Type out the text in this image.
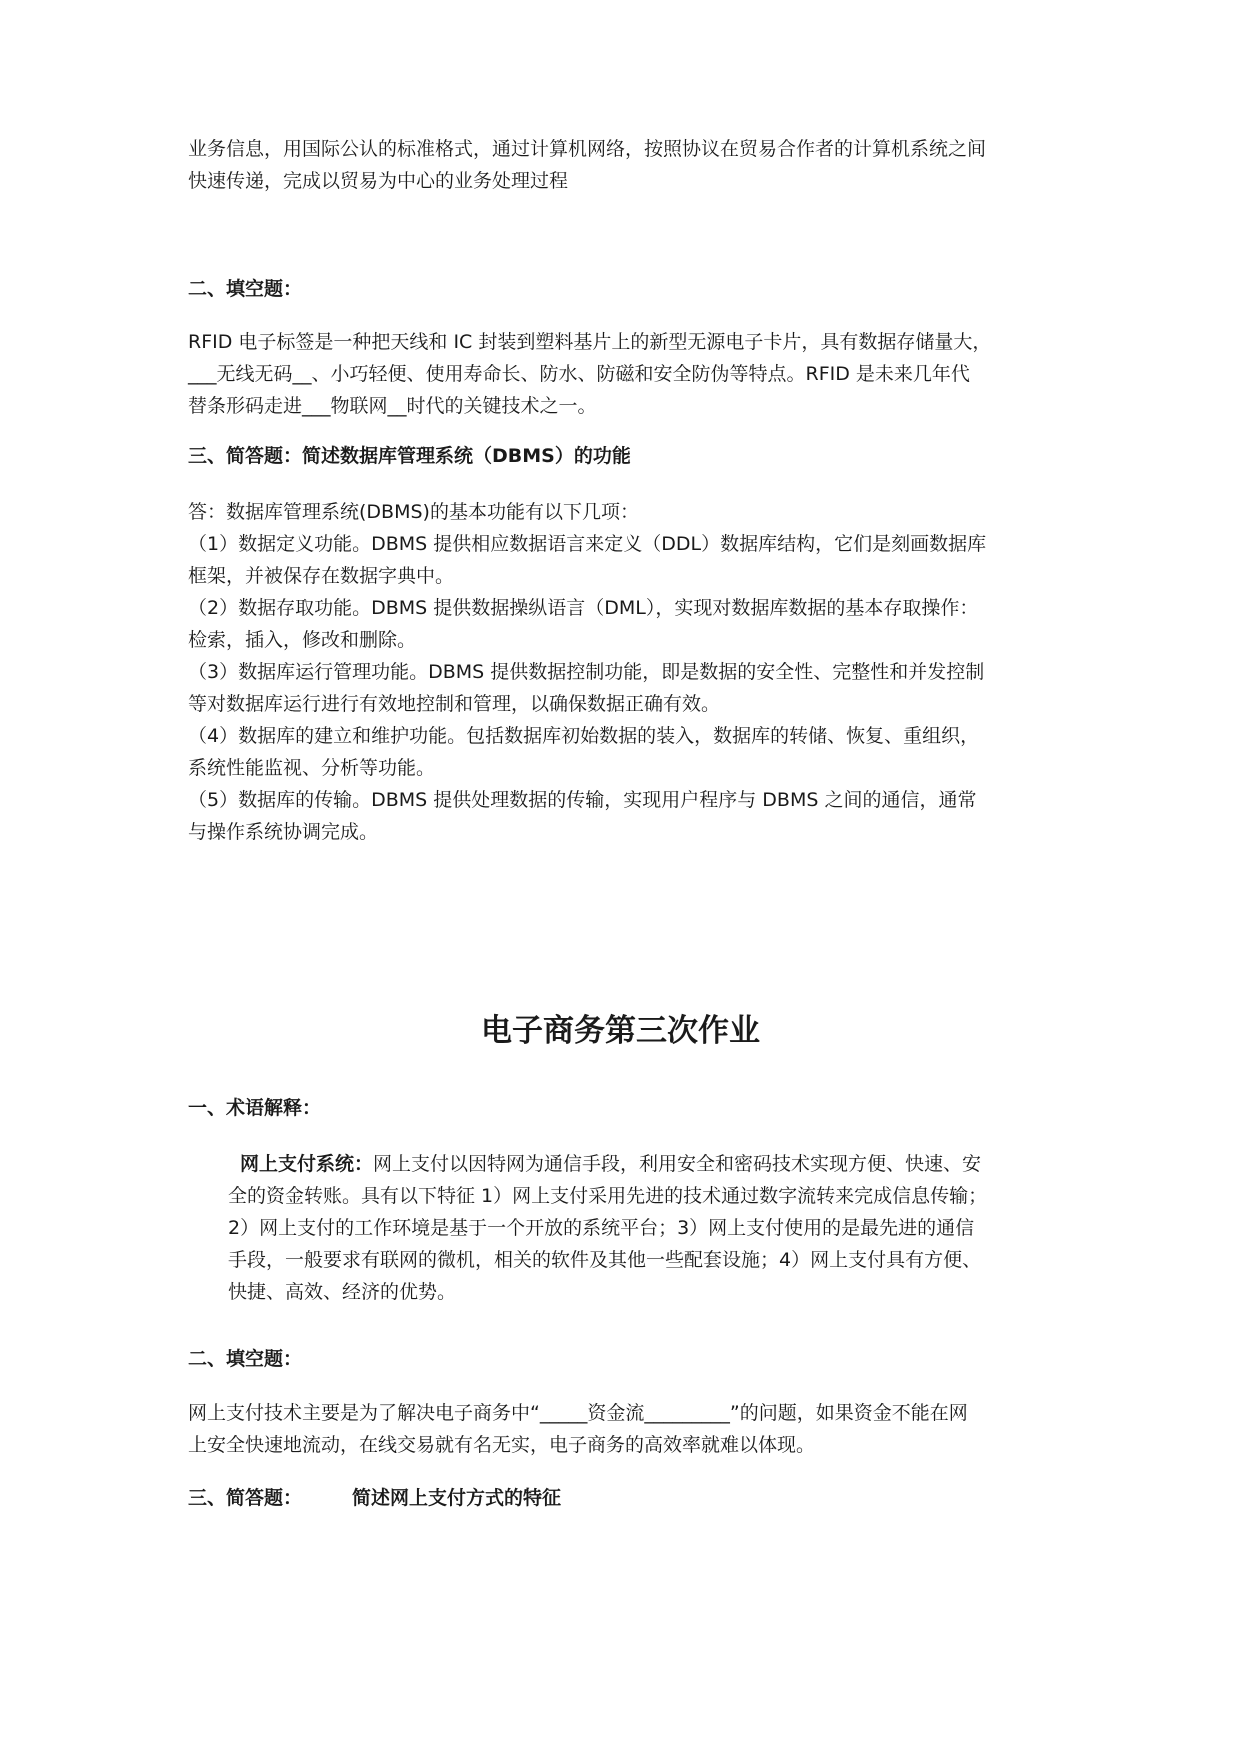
业务信息，用国际公认的标准格式，通过计算机网络，按照协议在贸易合作者的计算机系统之间
快速传递，完成以贸易为中心的业务处理过程

二、填空题：

RFID 电子标签是一种把天线和 IC 封装到塑料基片上的新型无源电子卡片，具有数据存储量大，
___无线无码__、小巧轻便、使用寿命长、防水、防磁和安全防伪等特点。RFID 是未来几年代
替条形码走进___物联网__时代的关键技术之一。

三、简答题：简述数据库管理系统（DBMS）的功能

答：数据库管理系统(DBMS)的基本功能有以下几项：
（1）数据定义功能。DBMS 提供相应数据语言来定义（DDL）数据库结构，它们是刻画数据库
框架，并被保存在数据字典中。
（2）数据存取功能。DBMS 提供数据操纵语言（DML），实现对数据库数据的基本存取操作：
检索，插入，修改和删除。
（3）数据库运行管理功能。DBMS 提供数据控制功能，即是数据的安全性、完整性和并发控制
等对数据库运行进行有效地控制和管理，以确保数据正确有效。
（4）数据库的建立和维护功能。包括数据库初始数据的装入，数据库的转储、恢复、重组织，
系统性能监视、分析等功能。
（5）数据库的传输。DBMS 提供处理数据的传输，实现用户程序与 DBMS 之间的通信，通常
与操作系统协调完成。

电子商务第三次作业

一、术语解释：

网上支付系统：网上支付以因特网为通信手段，利用安全和密码技术实现方便、快速、安
全的资金转账。具有以下特征 1）网上支付采用先进的技术通过数字流转来完成信息传输；
2）网上支付的工作环境是基于一个开放的系统平台；3）网上支付使用的是最先进的通信
手段，一般要求有联网的微机，相关的软件及其他一些配套设施；4）网上支付具有方便、
快捷、高效、经济的优势。

二、填空题：

网上支付技术主要是为了解决电子商务中“_____资金流_________”的问题，如果资金不能在网
上安全快速地流动，在线交易就有名无实，电子商务的高效率就难以体现。

三、简答题：	简述网上支付方式的特征
